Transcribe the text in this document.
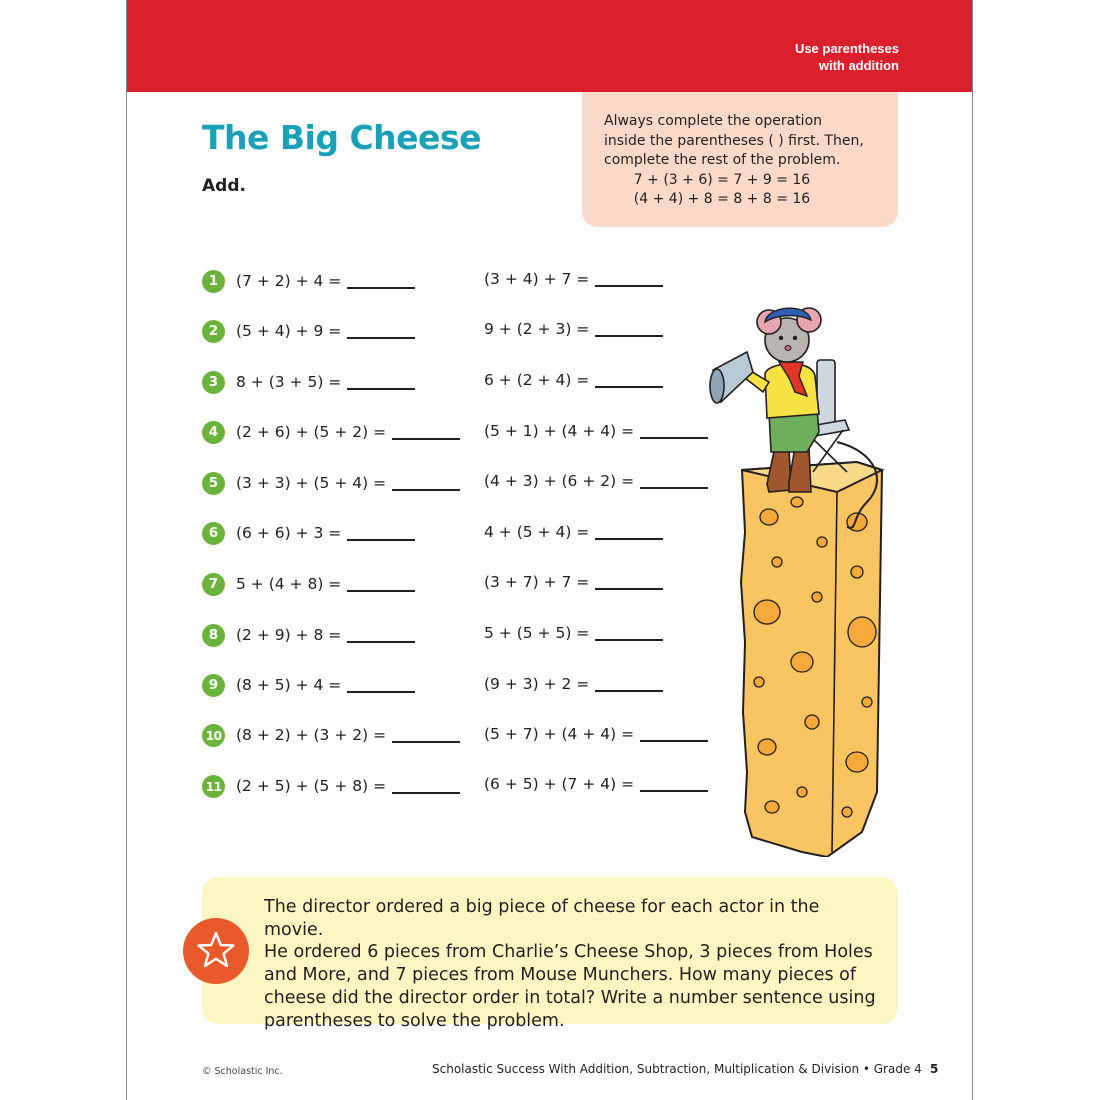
Use parentheses
with addition
The Big Cheese
Add.
Always complete the operation
inside the parentheses ( ) first. Then,
complete the rest of the problem.
7 + (3 + 6) = 7 + 9 = 16
(4 + 4) + 8 = 8 + 8 = 16
1	(7 + 2) + 4 =
2	(5 + 4) + 9 =
3	8 + (3 + 5) =
4	(2 + 6) + (5 + 2) =
5	(3 + 3) + (5 + 4) =
6	(6 + 6) + 3 =
7	5 + (4 + 8) =
8	(2 + 9) + 8 =
9	(8 + 5) + 4 =
10 (8 + 2) + (3 + 2) =
11 (2 + 5) + (5 + 8) =
(3 + 4) + 7 =
9 + (2 + 3) =
6 + (2 + 4) =
(5 + 1) + (4 + 4) =
(4 + 3) + (6 + 2) =
4 + (5 + 4) =
(3 + 7) + 7 =
5 + (5 + 5) =
(9 + 3) + 2 =
(5 + 7) + (4 + 4) =
(6 + 5) + (7 + 4) =
The director ordered a big piece of cheese for each actor in the movie.
He ordered 6 pieces from Charlie’s Cheese Shop, 3 pieces from Holes
and More, and 7 pieces from Mouse Munchers. How many pieces of
cheese did the director order in total? Write a number sentence using
parentheses to solve the problem.
© Scholastic Inc.	Scholastic Success With Addition, Subtraction, Multiplication & Division • Grade 4 5
